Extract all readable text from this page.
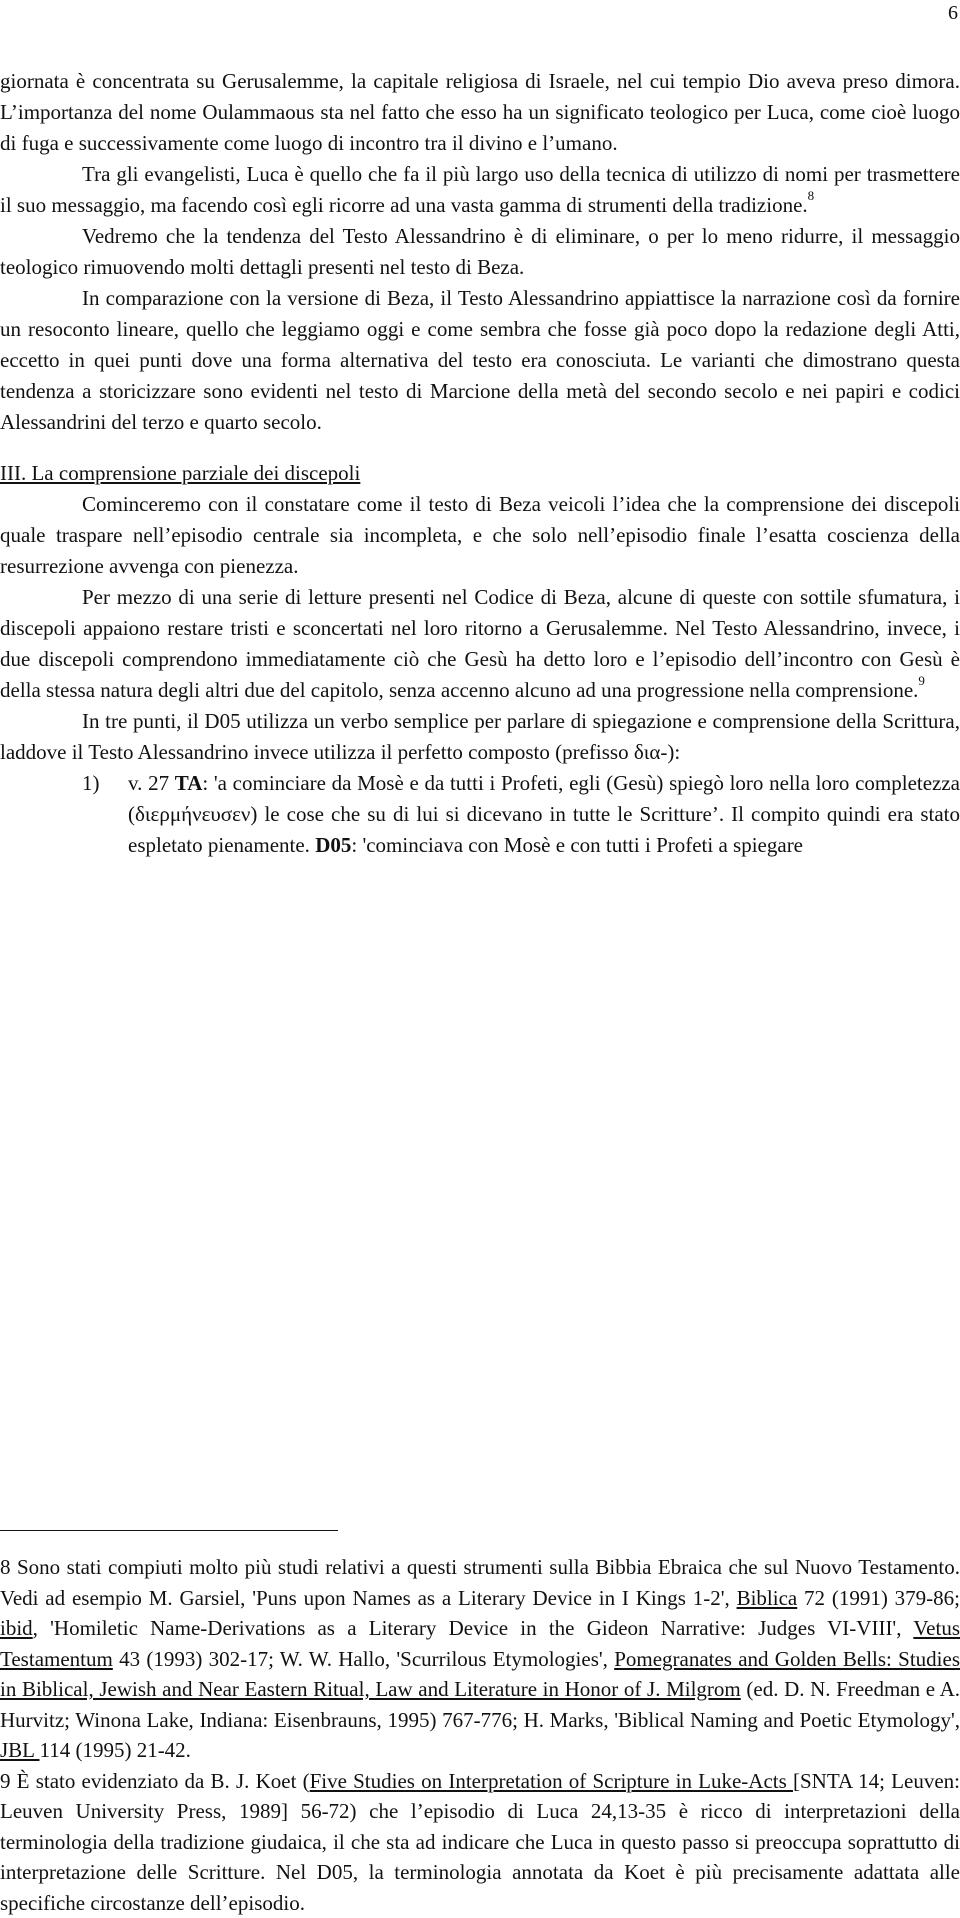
6

giornata è concentrata su Gerusalemme, la capitale religiosa di Israele, nel cui tempio Dio aveva preso dimora. L’importanza del nome Oulammaous sta nel fatto che esso ha un significato teologico per Luca, come cioè luogo di fuga e successivamente come luogo di incontro tra il divino e l’umano.

Tra gli evangelisti, Luca è quello che fa il più largo uso della tecnica di utilizzo di nomi per trasmettere il suo messaggio, ma facendo così egli ricorre ad una vasta gamma di strumenti della tradizione.$^8$

Vedremo che la tendenza del Testo Alessandrino è di eliminare, o per lo meno ridurre, il messaggio teologico rimuovendo molti dettagli presenti nel testo di Beza.

In comparazione con la versione di Beza, il Testo Alessandrino appiattisce la narrazione così da fornire un resoconto lineare, quello che leggiamo oggi e come sembra che fosse già poco dopo la redazione degli Atti, eccetto in quei punti dove una forma alternativa del testo era conosciuta. Le varianti che dimostrano questa tendenza a storicizzare sono evidenti nel testo di Marcione della metà del secondo secolo e nei papiri e codici Alessandrini del terzo e quarto secolo.

III. La comprensione parziale dei discepoli

Cominceremo con il constatare come il testo di Beza veicoli l’idea che la comprensione dei discepoli quale traspare nell’episodio centrale sia incompleta, e che solo nell’episodio finale l’esatta coscienza della resurrezione avvenga con pienezza.

Per mezzo di una serie di letture presenti nel Codice di Beza, alcune di queste con sottile sfumatura, i discepoli appaiono restare tristi e sconcertati nel loro ritorno a Gerusalemme. Nel Testo Alessandrino, invece, i due discepoli comprendono immediatamente ciò che Gesù ha detto loro e l’episodio dell’incontro con Gesù è della stessa natura degli altri due del capitolo, senza accenno alcuno ad una progressione nella comprensione.$^9$

In tre punti, il D05 utilizza un verbo semplice per parlare di spiegazione e comprensione della Scrittura, laddove il Testo Alessandrino invece utilizza il perfetto composto (prefisso δια-):

1) v. 27 TA: 'a cominciare da Mosè e da tutti i Profeti, egli (Gesù) spiegò loro nella loro completezza (διερμήνευσεν) le cose che su di lui si dicevano in tutte le Scritture’. Il compito quindi era stato espletato pienamente. D05: 'cominciava con Mosè e con tutti i Profeti a spiegare

8 Sono stati compiuti molto più studi relativi a questi strumenti sulla Bibbia Ebraica che sul Nuovo Testamento. Vedi ad esempio M. Garsiel, 'Puns upon Names as a Literary Device in I Kings 1-2', Biblica 72 (1991) 379-86; ibid, 'Homiletic Name-Derivations as a Literary Device in the Gideon Narrative: Judges VI-VIII', Vetus Testamentum 43 (1993) 302-17; W. W. Hallo, 'Scurrilous Etymologies', Pomegranates and Golden Bells: Studies in Biblical, Jewish and Near Eastern Ritual, Law and Literature in Honor of J. Milgrom (ed. D. N. Freedman e A. Hurvitz; Winona Lake, Indiana: Eisenbrauns, 1995) 767-776; H. Marks, 'Biblical Naming and Poetic Etymology', JBL 114 (1995) 21-42.

9 È stato evidenziato da B. J. Koet (Five Studies on Interpretation of Scripture in Luke-Acts [SNTA 14; Leuven: Leuven University Press, 1989] 56-72) che l’episodio di Luca 24,13-35 è ricco di interpretazioni della terminologia della tradizione giudaica, il che sta ad indicare che Luca in questo passo si preoccupa soprattutto di interpretazione delle Scritture. Nel D05, la terminologia annotata da Koet è più precisamente adattata alle specifiche circostanze dell’episodio.
